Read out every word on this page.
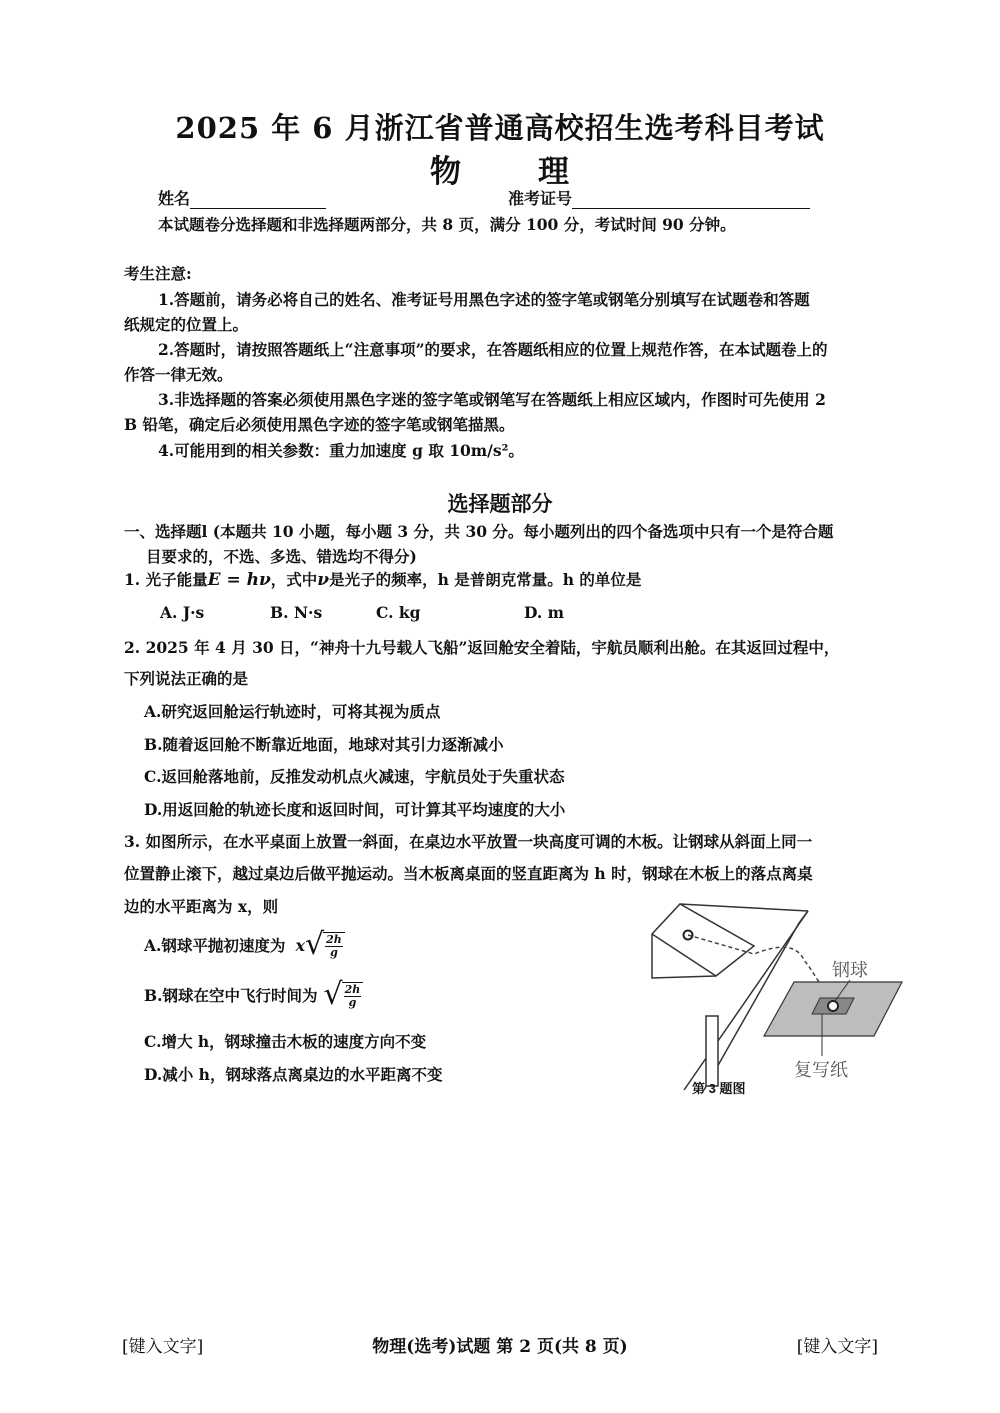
2025 年 6 月浙江省普通高校招生选考科目考试
物 理
姓名	准考证号
本试题卷分选择题和非选择题两部分，共 8 页，满分 100 分，考试时间 90 分钟。
考生注意:
1.答题前，请务必将自己的姓名、准考证号用黑色字述的签字笔或钢笔分别填写在试题卷和答题
纸规定的位置上。
2.答题时，请按照答题纸上“注意事项”的要求，在答题纸相应的位置上规范作答，在本试题卷上的
作答一律无效。
3.非选择题的答案必须使用黑色字迷的签字笔或钢笔写在答题纸上相应区域内，作图时可先使用 2
B 铅笔，确定后必须使用黑色字迹的签字笔或钢笔描黑。
4.可能用到的相关参数：重力加速度 g 取 10m/s²。
选择题部分
一、选择题l (本题共 10 小题，每小题 3 分，共 30 分。每小题列出的四个备选项中只有一个是符合题
目要求的，不选、多选、错选均不得分)
1. 光子能量E = hν，式中ν是光子的频率，h 是普朗克常量。h 的单位是
A. J·s	B. N·s	C. kg	D. m
2. 2025 年 4 月 30 日，“神舟十九号载人飞船”返回舱安全着陆，宇航员顺利出舱。在其返回过程中，
下列说法正确的是
A.研究返回舱运行轨迹时，可将其视为质点
B.随着返回舱不断靠近地面，地球对其引力逐渐减小
C.返回舱落地前，反推发动机点火减速，宇航员处于失重状态
D.用返回舱的轨迹长度和返回时间，可计算其平均速度的大小
3. 如图所示，在水平桌面上放置一斜面，在桌边水平放置一块高度可调的木板。让钢球从斜面上同一
位置静止滚下，越过桌边后做平抛运动。当木板离桌面的竖直距离为 h 时，钢球在木板上的落点离桌
边的水平距离为 x，则
A.钢球平抛初速度为 x √ $\frac{2h}{g}$
B.钢球在空中飞行时间为 √ $\frac{2h}{g}$
C.增大 h，钢球撞击木板的速度方向不变
D.减小 h，钢球落点离桌边的水平距离不变
钢球
复写纸
第 3 题图
[键入文字]	物理(选考)试题 第 2 页(共 8 页)	[键入文字]
